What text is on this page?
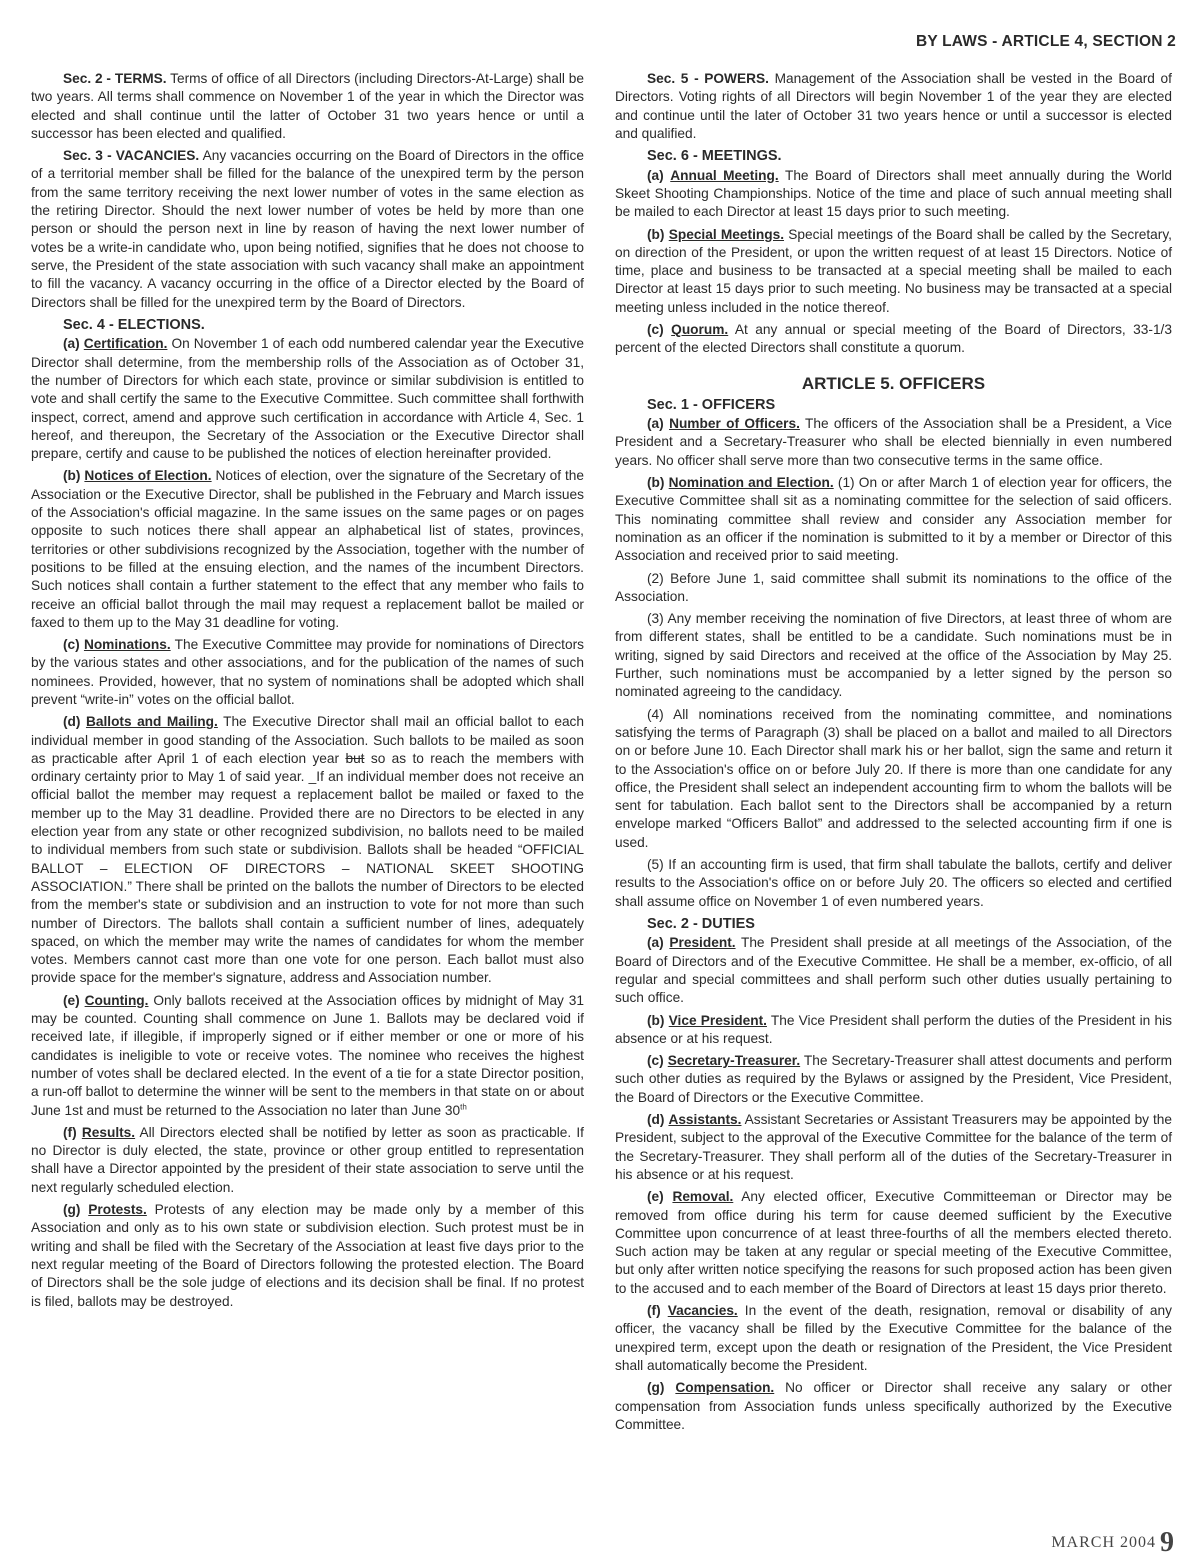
BY LAWS - ARTICLE 4, SECTION 2

Sec. 2 - TERMS. Terms of office of all Directors (including Directors-At-Large) shall be two years. All terms shall commence on November 1 of the year in which the Director was elected and shall continue until the latter of October 31 two years hence or until a successor has been elected and qualified.

Sec. 3 - VACANCIES. Any vacancies occurring on the Board of Directors in the office of a territorial member shall be filled for the balance of the unexpired term by the person from the same territory receiving the next lower number of votes in the same election as the retiring Director. Should the next lower number of votes be held by more than one person or should the person next in line by reason of having the next lower number of votes be a write-in candidate who, upon being notified, signifies that he does not choose to serve, the President of the state association with such vacancy shall make an appointment to fill the vacancy. A vacancy occurring in the office of a Director elected by the Board of Directors shall be filled for the unexpired term by the Board of Directors.

Sec. 4 - ELECTIONS.

(a) Certification. On November 1 of each odd numbered calendar year the Executive Director shall determine, from the membership rolls of the Association as of October 31, the number of Directors for which each state, province or similar subdivision is entitled to vote and shall certify the same to the Executive Committee. Such committee shall forthwith inspect, correct, amend and approve such certification in accordance with Article 4, Sec. 1 hereof, and thereupon, the Secretary of the Association or the Executive Director shall prepare, certify and cause to be published the notices of election hereinafter provided.

(b) Notices of Election. Notices of election, over the signature of the Secretary of the Association or the Executive Director, shall be published in the February and March issues of the Association's official magazine. In the same issues on the same pages or on pages opposite to such notices there shall appear an alphabetical list of states, provinces, territories or other subdivisions recognized by the Association, together with the number of positions to be filled at the ensuing election, and the names of the incumbent Directors. Such notices shall contain a further statement to the effect that any member who fails to receive an official ballot through the mail may request a replacement ballot be mailed or faxed to them up to the May 31 deadline for voting.

(c) Nominations. The Executive Committee may provide for nominations of Directors by the various states and other associations, and for the publication of the names of such nominees. Provided, however, that no system of nominations shall be adopted which shall prevent “write-in” votes on the official ballot.

(d) Ballots and Mailing. The Executive Director shall mail an official ballot to each individual member in good standing of the Association. Such ballots to be mailed as soon as practicable after April 1 of each election year but so as to reach the members with ordinary certainty prior to May 1 of said year. _If an individual member does not receive an official ballot the member may request a replacement ballot be mailed or faxed to the member up to the May 31 deadline. Provided there are no Directors to be elected in any election year from any state or other recognized subdivision, no ballots need to be mailed to individual members from such state or subdivision. Ballots shall be headed “OFFICIAL BALLOT – ELECTION OF DIRECTORS – NATIONAL SKEET SHOOTING ASSOCIATION.” There shall be printed on the ballots the number of Directors to be elected from the member's state or subdivision and an instruction to vote for not more than such number of Directors. The ballots shall contain a sufficient number of lines, adequately spaced, on which the member may write the names of candidates for whom the member votes. Members cannot cast more than one vote for one person. Each ballot must also provide space for the member's signature, address and Association number.

(e) Counting. Only ballots received at the Association offices by midnight of May 31 may be counted. Counting shall commence on June 1. Ballots may be declared void if received late, if illegible, if improperly signed or if either member or one or more of his candidates is ineligible to vote or receive votes. The nominee who receives the highest number of votes shall be declared elected. In the event of a tie for a state Director position, a run-off ballot to determine the winner will be sent to the members in that state on or about June 1st and must be returned to the Association no later than June 30th

(f) Results. All Directors elected shall be notified by letter as soon as practicable. If no Director is duly elected, the state, province or other group entitled to representation shall have a Director appointed by the president of their state association to serve until the next regularly scheduled election.

(g) Protests. Protests of any election may be made only by a member of this Association and only as to his own state or subdivision election. Such protest must be in writing and shall be filed with the Secretary of the Association at least five days prior to the next regular meeting of the Board of Directors following the protested election. The Board of Directors shall be the sole judge of elections and its decision shall be final. If no protest is filed, ballots may be destroyed.

Sec. 5 - POWERS. Management of the Association shall be vested in the Board of Directors. Voting rights of all Directors will begin November 1 of the year they are elected and continue until the later of October 31 two years hence or until a successor is elected and qualified.

Sec. 6 - MEETINGS.

(a) Annual Meeting. The Board of Directors shall meet annually during the World Skeet Shooting Championships. Notice of the time and place of such annual meeting shall be mailed to each Director at least 15 days prior to such meeting.

(b) Special Meetings. Special meetings of the Board shall be called by the Secretary, on direction of the President, or upon the written request of at least 15 Directors. Notice of time, place and business to be transacted at a special meeting shall be mailed to each Director at least 15 days prior to such meeting. No business may be transacted at a special meeting unless included in the notice thereof.

(c) Quorum. At any annual or special meeting of the Board of Directors, 33-1/3 percent of the elected Directors shall constitute a quorum.

ARTICLE 5. OFFICERS
Sec. 1 - OFFICERS

(a) Number of Officers. The officers of the Association shall be a President, a Vice President and a Secretary-Treasurer who shall be elected biennially in even numbered years. No officer shall serve more than two consecutive terms in the same office.

(b) Nomination and Election. (1) On or after March 1 of election year for officers, the Executive Committee shall sit as a nominating committee for the selection of said officers. This nominating committee shall review and consider any Association member for nomination as an officer if the nomination is submitted to it by a member or Director of this Association and received prior to said meeting.

(2) Before June 1, said committee shall submit its nominations to the office of the Association.

(3) Any member receiving the nomination of five Directors, at least three of whom are from different states, shall be entitled to be a candidate. Such nominations must be in writing, signed by said Directors and received at the office of the Association by May 25. Further, such nominations must be accompanied by a letter signed by the person so nominated agreeing to the candidacy.

(4) All nominations received from the nominating committee, and nominations satisfying the terms of Paragraph (3) shall be placed on a ballot and mailed to all Directors on or before June 10. Each Director shall mark his or her ballot, sign the same and return it to the Association's office on or before July 20. If there is more than one candidate for any office, the President shall select an independent accounting firm to whom the ballots will be sent for tabulation. Each ballot sent to the Directors shall be accompanied by a return envelope marked “Officers Ballot” and addressed to the selected accounting firm if one is used.

(5) If an accounting firm is used, that firm shall tabulate the ballots, certify and deliver results to the Association's office on or before July 20. The officers so elected and certified shall assume office on November 1 of even numbered years.

Sec. 2 - DUTIES

(a) President. The President shall preside at all meetings of the Association, of the Board of Directors and of the Executive Committee. He shall be a member, ex-officio, of all regular and special committees and shall perform such other duties usually pertaining to such office.

(b) Vice President. The Vice President shall perform the duties of the President in his absence or at his request.

(c) Secretary-Treasurer. The Secretary-Treasurer shall attest documents and perform such other duties as required by the Bylaws or assigned by the President, Vice President, the Board of Directors or the Executive Committee.

(d) Assistants. Assistant Secretaries or Assistant Treasurers may be appointed by the President, subject to the approval of the Executive Committee for the balance of the term of the Secretary-Treasurer. They shall perform all of the duties of the Secretary-Treasurer in his absence or at his request.

(e) Removal. Any elected officer, Executive Committeeman or Director may be removed from office during his term for cause deemed sufficient by the Executive Committee upon concurrence of at least three-fourths of all the members elected thereto. Such action may be taken at any regular or special meeting of the Executive Committee, but only after written notice specifying the reasons for such proposed action has been given to the accused and to each member of the Board of Directors at least 15 days prior thereto.

(f) Vacancies. In the event of the death, resignation, removal or disability of any officer, the vacancy shall be filled by the Executive Committee for the balance of the unexpired term, except upon the death or resignation of the President, the Vice President shall automatically become the President.

(g) Compensation. No officer or Director shall receive any salary or other compensation from Association funds unless specifically authorized by the Executive Committee.

MARCH 2004 9
